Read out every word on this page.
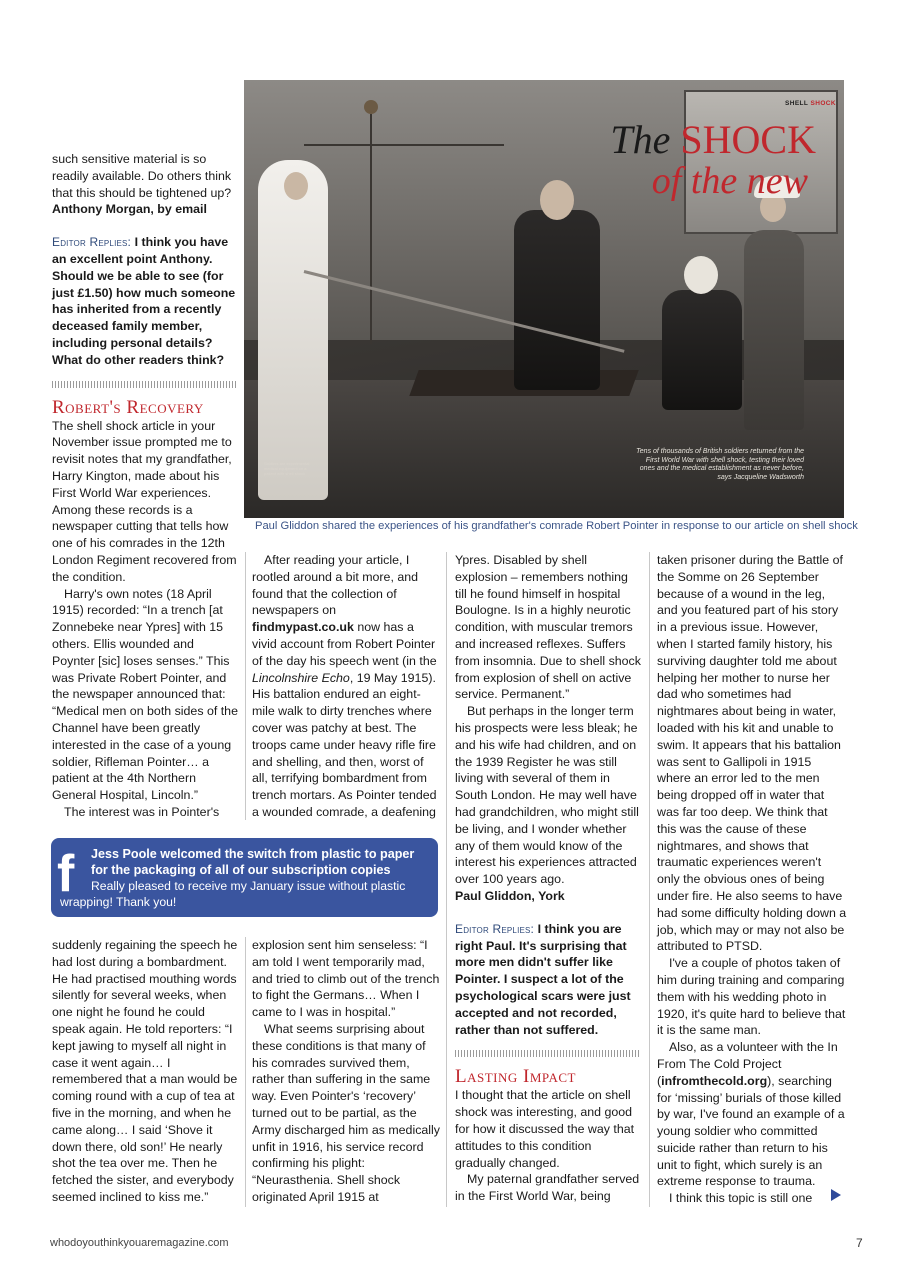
SHELL SHOCK
The SHOCK
of the new
Tens of thousands of British soldiers returned from the First World War with shell shock, testing their loved ones and the medical establishment as never before, says Jacqueline Wadsworth
Soldiers are experimental medical equipment on a patient with shell shock
Paul Gliddon shared the experiences of his grandfather's comrade Robert Pointer in response to our article on shell shock

such sensitive material is so readily available. Do others think that this should be tightened up?

Anthony Morgan, by email

Editor Replies: I think you have an excellent point Anthony. Should we be able to see (for just £1.50) how much someone has inherited from a recently deceased family member, including personal details? What do other readers think?

Robert's Recovery

The shell shock article in your November issue prompted me to revisit notes that my grandfather, Harry Kington, made about his First World War experiences. Among these records is a newspaper cutting that tells how one of his comrades in the 12th London Regiment recovered from the condition.

Harry's own notes (18 April 1915) recorded: “In a trench [at Zonnebeke near Ypres] with 15 others. Ellis wounded and Poynter [sic] loses senses.” This was Private Robert Pointer, and the newspaper announced that: “Medical men on both sides of the Channel have been greatly interested in the case of a young soldier, Rifleman Pointer… a patient at the 4th Northern General Hospital, Lincoln.”

The interest was in Pointer's

After reading your article, I rootled around a bit more, and found that the collection of newspapers on findmypast.co.uk now has a vivid account from Robert Pointer of the day his speech went (in the Lincolnshire Echo, 19 May 1915). His battalion endured an eight-mile walk to dirty trenches where cover was patchy at best. The troops came under heavy rifle fire and shelling, and then, worst of all, terrifying bombardment from trench mortars. As Pointer tended a wounded comrade, a deafening

f Jess Poole welcomed the switch from plastic to paper for the packaging of all of our subscription copies
Really pleased to receive my January issue without plastic
wrapping! Thank you!

suddenly regaining the speech he had lost during a bombardment. He had practised mouthing words silently for several weeks, when one night he found he could speak again. He told reporters: “I kept jawing to myself all night in case it went again… I remembered that a man would be coming round with a cup of tea at five in the morning, and when he came along… I said ‘Shove it down there, old son!’ He nearly shot the tea over me. Then he fetched the sister, and everybody seemed inclined to kiss me.”

explosion sent him senseless: “I am told I went temporarily mad, and tried to climb out of the trench to fight the Germans… When I came to I was in hospital.”

What seems surprising about these conditions is that many of his comrades survived them, rather than suffering in the same way. Even Pointer's ‘recovery’ turned out to be partial, as the Army discharged him as medically unfit in 1916, his service record confirming his plight: “Neurasthenia. Shell shock originated April 1915 at

Ypres. Disabled by shell explosion – remembers nothing till he found himself in hospital Boulogne. Is in a highly neurotic condition, with muscular tremors and increased reflexes. Suffers from insomnia. Due to shell shock from explosion of shell on active service. Permanent.”

But perhaps in the longer term his prospects were less bleak; he and his wife had children, and on the 1939 Register he was still living with several of them in South London. He may well have had grandchildren, who might still be living, and I wonder whether any of them would know of the interest his experiences attracted over 100 years ago.

Paul Gliddon, York

Editor Replies: I think you are right Paul. It's surprising that more men didn't suffer like Pointer. I suspect a lot of the psychological scars were just accepted and not recorded, rather than not suffered.

Lasting Impact

I thought that the article on shell shock was interesting, and good for how it discussed the way that attitudes to this condition gradually changed.

My paternal grandfather served in the First World War, being

taken prisoner during the Battle of the Somme on 26 September because of a wound in the leg, and you featured part of his story in a previous issue. However, when I started family history, his surviving daughter told me about helping her mother to nurse her dad who sometimes had nightmares about being in water, loaded with his kit and unable to swim. It appears that his battalion was sent to Gallipoli in 1915 where an error led to the men being dropped off in water that was far too deep. We think that this was the cause of these nightmares, and shows that traumatic experiences weren't only the obvious ones of being under fire. He also seems to have had some difficulty holding down a job, which may or may not also be attributed to PTSD.

I've a couple of photos taken of him during training and comparing them with his wedding photo in 1920, it's quite hard to believe that it is the same man.

Also, as a volunteer with the In From The Cold Project (infromthecold.org), searching for ‘missing’ burials of those killed by war, I've found an example of a young soldier who committed suicide rather than return to his unit to fight, which surely is an extreme response to trauma.

I think this topic is still one

whodoyouthinkyouaremagazine.com	7
